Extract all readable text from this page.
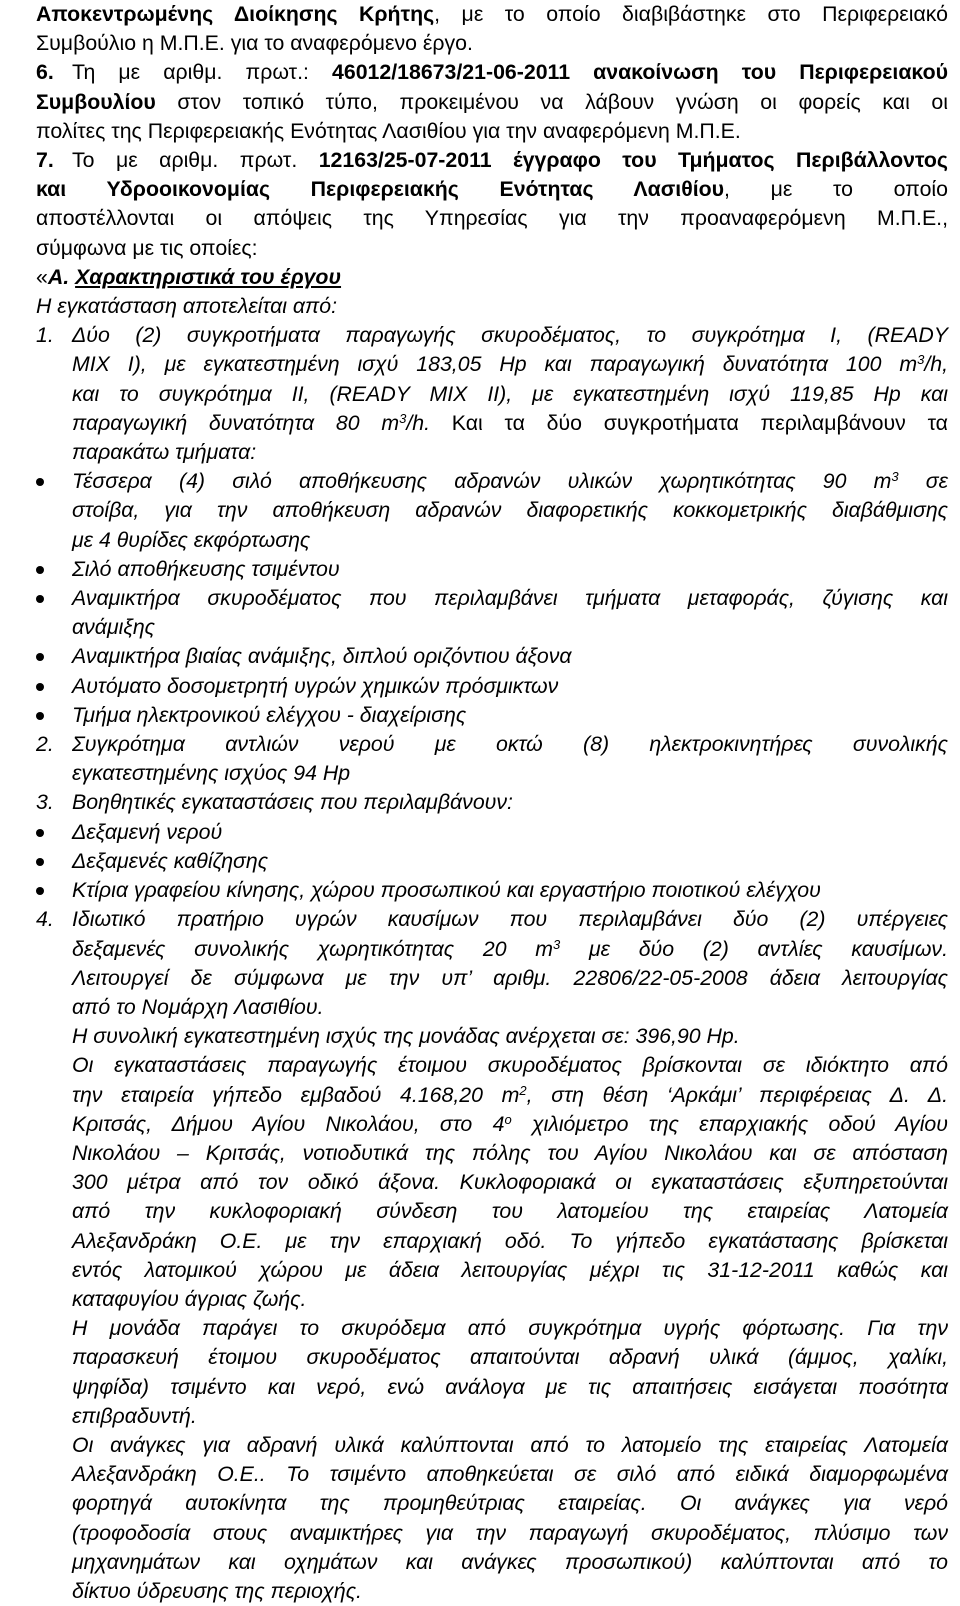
Αποκεντρωμένης Διοίκησης Κρήτης, με το οποίο διαβιβάστηκε στο Περιφερειακό

Συμβούλιο η Μ.Π.Ε. για το αναφερόμενο έργο.

6. Τη με αριθμ. πρωτ.: 46012/18673/21-06-2011 ανακοίνωση του Περιφερειακού

Συμβουλίου στον τοπικό τύπο, προκειμένου να λάβουν γνώση οι φορείς και οι

πολίτες της Περιφερειακής Ενότητας Λασιθίου για την αναφερόμενη Μ.Π.Ε.

7. Το με αριθμ. πρωτ. 12163/25-07-2011 έγγραφο του Τμήματος Περιβάλλοντος

και Υδροοικονομίας Περιφερειακής Ενότητας Λασιθίου, με το οποίο

αποστέλλονται οι απόψεις της Υπηρεσίας για την προαναφερόμενη Μ.Π.Ε.,

σύμφωνα με τις οποίες:

«Α. Χαρακτηριστικά του έργου

Η εγκατάσταση αποτελείται από:

1. Δύο (2) συγκροτήματα παραγωγής σκυροδέματος, το συγκρότημα Ι, (READY

MIX I), με εγκατεστημένη ισχύ 183,05 Hp και παραγωγική δυνατότητα 100 $m^3/h$,

και το συγκρότημα ΙΙ, (READY MIX II), με εγκατεστημένη ισχύ 119,85 Hp και

παραγωγική δυνατότητα 80 $m^3/h$. Και τα δύο συγκροτήματα περιλαμβάνουν τα

παρακάτω τμήματα:

Τέσσερα (4) σιλό αποθήκευσης αδρανών υλικών χωρητικότητας 90 $m^3$ σε

στοίβα, για την αποθήκευση αδρανών διαφορετικής κοκκομετρικής διαβάθμισης

με 4 θυρίδες εκφόρτωσης

Σιλό αποθήκευσης τσιμέντου

Αναμικτήρα σκυροδέματος που περιλαμβάνει τμήματα μεταφοράς, ζύγισης και

ανάμιξης

Αναμικτήρα βιαίας ανάμιξης, διπλού οριζόντιου άξονα

Αυτόματο δοσομετρητή υγρών χημικών πρόσμικτων

Τμήμα ηλεκτρονικού ελέγχου - διαχείρισης

2. Συγκρότημα αντλιών νερού με οκτώ (8) ηλεκτροκινητήρες συνολικής

εγκατεστημένης ισχύος 94 Hp

3. Βοηθητικές εγκαταστάσεις που περιλαμβάνουν:

Δεξαμενή νερού

Δεξαμενές καθίζησης

Κτίρια γραφείου κίνησης, χώρου προσωπικού και εργαστήριο ποιοτικού ελέγχου

4. Ιδιωτικό πρατήριο υγρών καυσίμων που περιλαμβάνει δύο (2) υπέργειες

δεξαμενές συνολικής χωρητικότητας 20 $m^3$ με δύο (2) αντλίες καυσίμων.

Λειτουργεί δε σύμφωνα με την υπ’ αριθμ. 22806/22-05-2008 άδεια λειτουργίας

από το Νομάρχη Λασιθίου.

Η συνολική εγκατεστημένη ισχύς της μονάδας ανέρχεται σε: 396,90 Hp.

Οι εγκαταστάσεις παραγωγής έτοιμου σκυροδέματος βρίσκονται σε ιδιόκτητο από

την εταιρεία γήπεδο εμβαδού 4.168,20 $m^2$, στη θέση ‘Αρκάμι’ περιφέρειας Δ. Δ.

Κριτσάς, Δήμου Αγίου Νικολάου, στο $4^o$ χιλιόμετρο της επαρχιακής οδού Αγίου

Νικολάου – Κριτσάς, νοτιοδυτικά της πόλης του Αγίου Νικολάου και σε απόσταση

300 μέτρα από τον οδικό άξονα. Κυκλοφοριακά οι εγκαταστάσεις εξυπηρετούνται

από την κυκλοφοριακή σύνδεση του λατομείου της εταιρείας Λατομεία

Αλεξανδράκη Ο.Ε. με την επαρχιακή οδό. Το γήπεδο εγκατάστασης βρίσκεται

εντός λατομικού χώρου με άδεια λειτουργίας μέχρι τις 31-12-2011 καθώς και

καταφυγίου άγριας ζωής.

Η μονάδα παράγει το σκυρόδεμα από συγκρότημα υγρής φόρτωσης. Για την

παρασκευή έτοιμου σκυροδέματος απαιτούνται αδρανή υλικά (άμμος, χαλίκι,

ψηφίδα) τσιμέντο και νερό, ενώ ανάλογα με τις απαιτήσεις εισάγεται ποσότητα

επιβραδυντή.

Οι ανάγκες για αδρανή υλικά καλύπτονται από το λατομείο της εταιρείας Λατομεία

Αλεξανδράκη Ο.Ε.. Το τσιμέντο αποθηκεύεται σε σιλό από ειδικά διαμορφωμένα

φορτηγά αυτοκίνητα της προμηθεύτριας εταιρείας. Οι ανάγκες για νερό

(τροφοδοσία στους αναμικτήρες για την παραγωγή σκυροδέματος, πλύσιμο των

μηχανημάτων και οχημάτων και ανάγκες προσωπικού) καλύπτονται από το

δίκτυο ύδρευσης της περιοχής.
